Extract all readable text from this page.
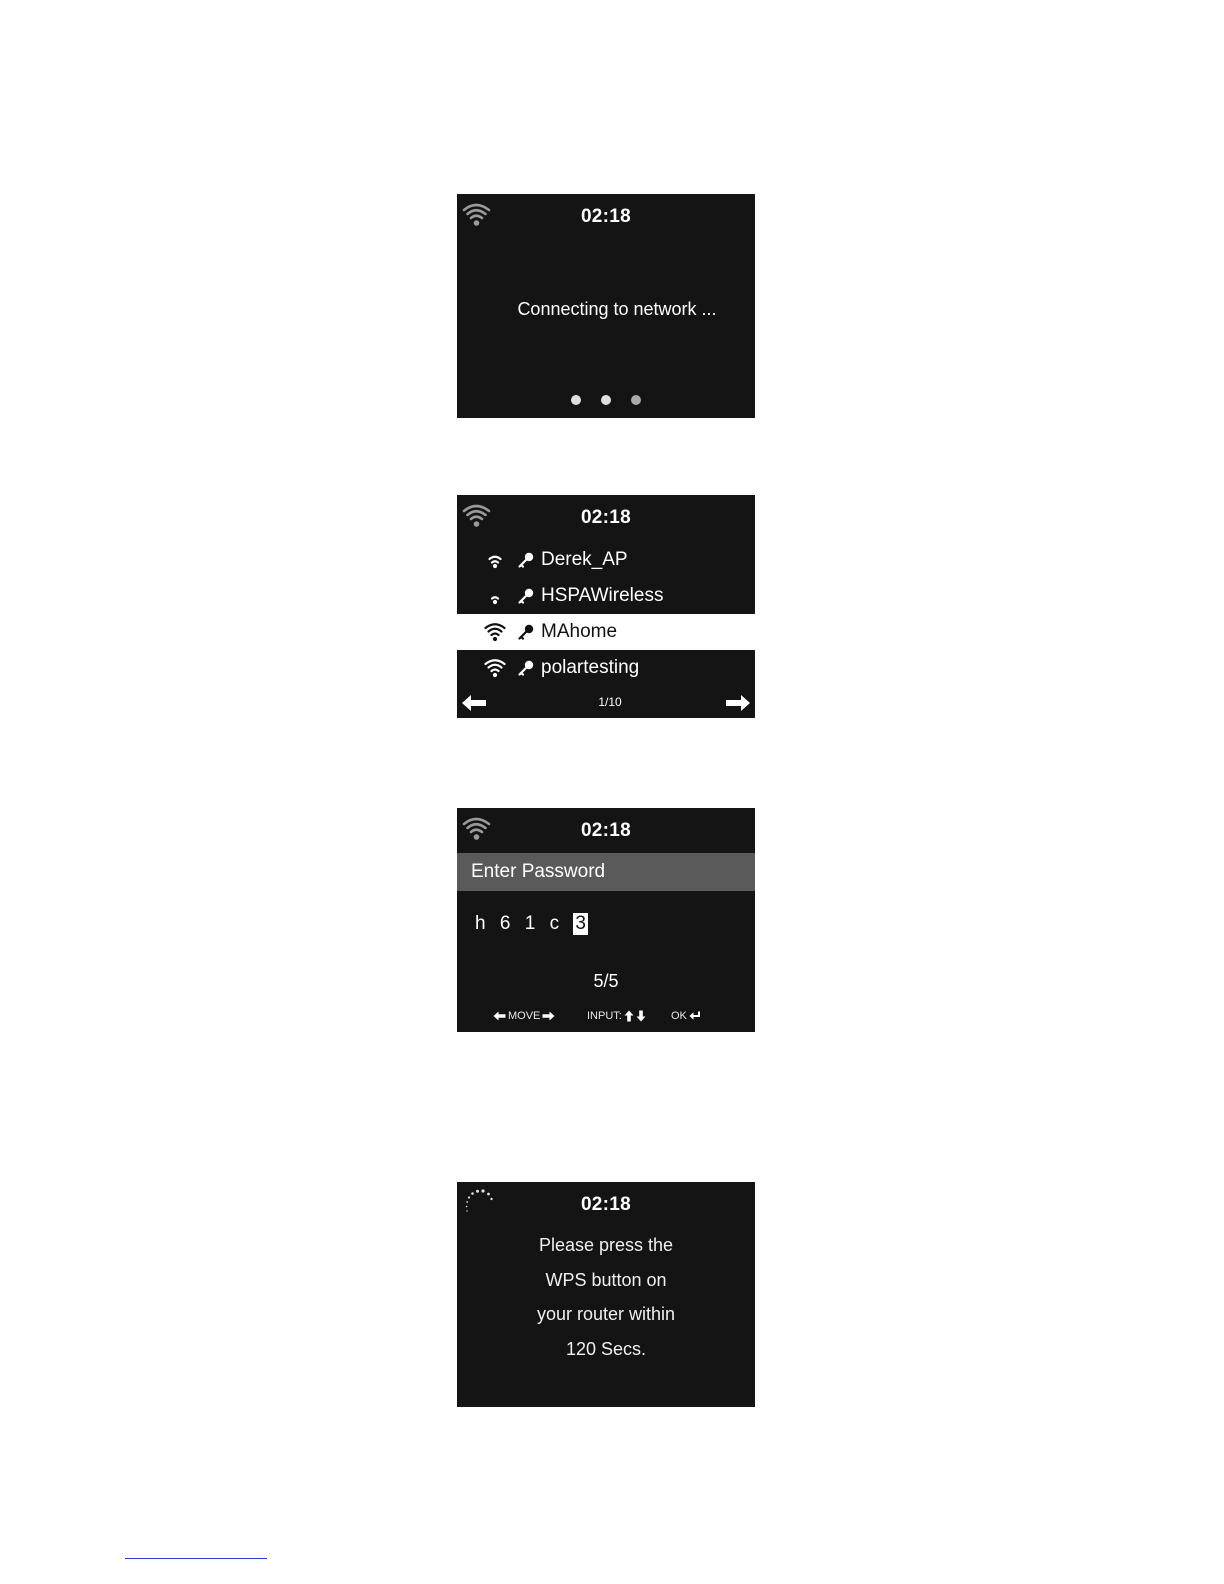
02:18
Connecting to network ...

02:18
Derek_AP
HSPAWireless
MAhome
polartesting
1/10
02:18
Enter Password
h 6 1 c 3
5/5
MOVE	INPUT:	OK
02:18
Please press the
WPS button on
your router within
120 Secs.
